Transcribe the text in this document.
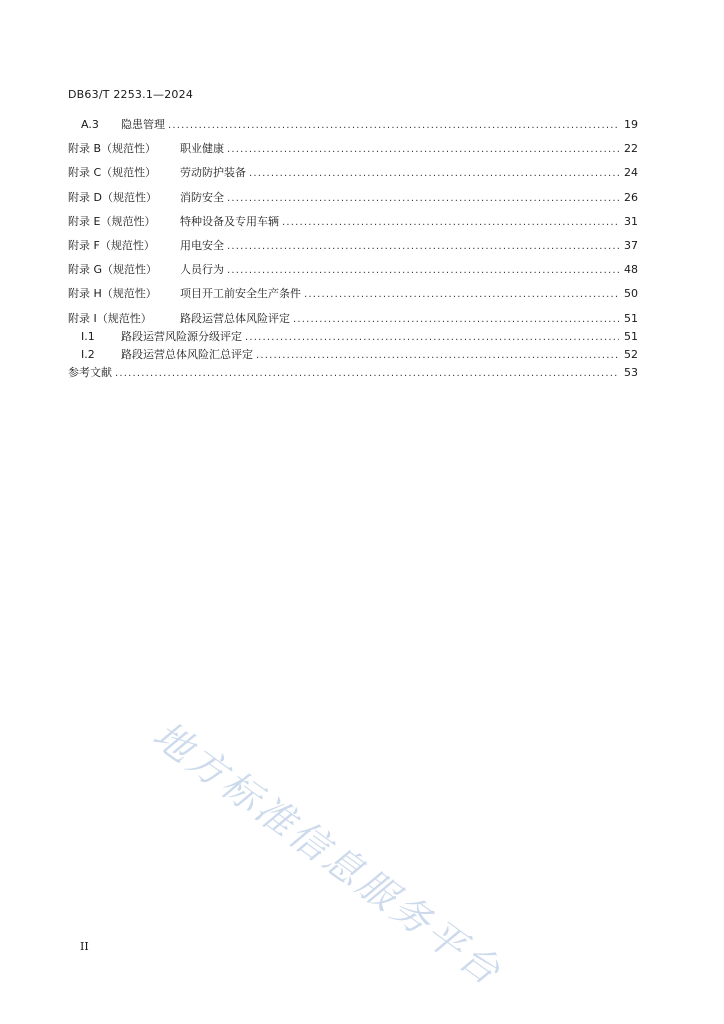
DB63/T 2253.1—2024
A.3	隐患管理 .....	19
附录 B（规范性）	职业健康 .....	22
附录 C（规范性）	劳动防护装备 .....	24
附录 D（规范性）	消防安全 .....	26
附录 E（规范性）	特种设备及专用车辆 .....	31
附录 F（规范性）	用电安全 .....	37
附录 G（规范性）	人员行为 .....	48
附录 H（规范性）	项目开工前安全生产条件 .....	50
附录 I（规范性）	路段运营总体风险评定 .....	51
I.1	路段运营风险源分级评定 .....	51
I.2	路段运营总体风险汇总评定 .....	52
参考文献 .....	53
地方标准信息服务平台
II
